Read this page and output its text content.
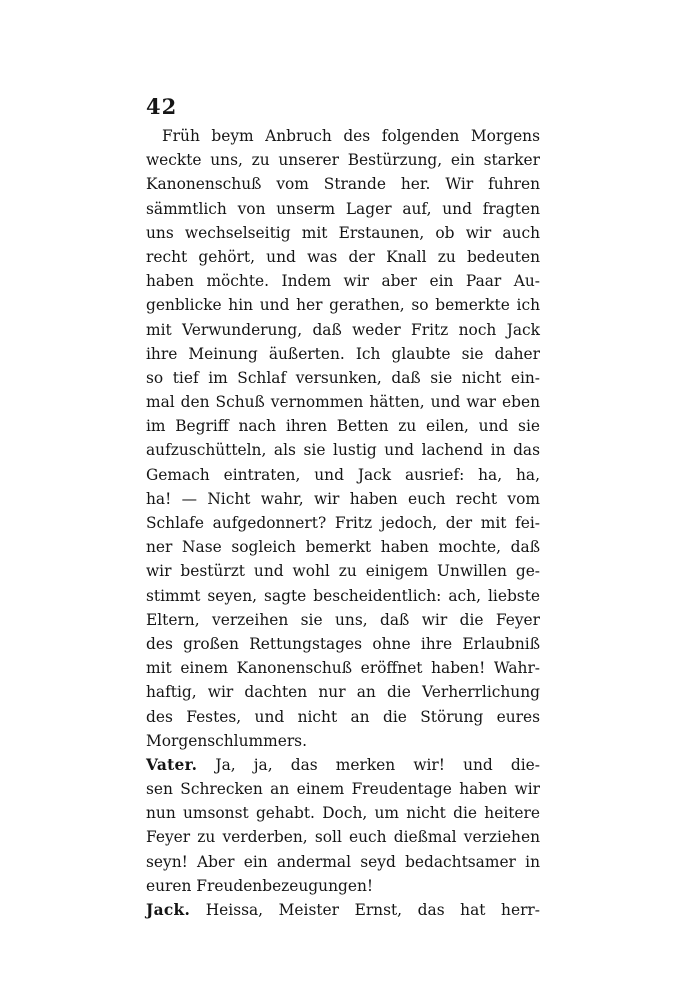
42
Früh beym Anbruch des folgenden Morgens
weckte uns, zu unserer Bestürzung, ein starker
Kanonenschuß vom Strande her. Wir fuhren
sämmtlich von unserm Lager auf, und fragten
uns wechselseitig mit Erstaunen, ob wir auch
recht gehört, und was der Knall zu bedeuten
haben möchte. Indem wir aber ein Paar Au-
genblicke hin und her gerathen, so bemerkte ich
mit Verwunderung, daß weder Fritz noch Jack
ihre Meinung äußerten. Ich glaubte sie daher
so tief im Schlaf versunken, daß sie nicht ein-
mal den Schuß vernommen hätten, und war eben
im Begriff nach ihren Betten zu eilen, und sie
aufzuschütteln, als sie lustig und lachend in das
Gemach eintraten, und Jack ausrief: ha, ha,
ha! — Nicht wahr, wir haben euch recht vom
Schlafe aufgedonnert? Fritz jedoch, der mit fei-
ner Nase sogleich bemerkt haben mochte, daß
wir bestürzt und wohl zu einigem Unwillen ge-
stimmt seyen, sagte bescheidentlich: ach, liebste
Eltern, verzeihen sie uns, daß wir die Feyer
des großen Rettungstages ohne ihre Erlaubniß
mit einem Kanonenschuß eröffnet haben! Wahr-
haftig, wir dachten nur an die Verherrlichung
des Festes, und nicht an die Störung eures
Morgenschlummers.
Vater. Ja, ja, das merken wir! und die-
sen Schrecken an einem Freudentage haben wir
nun umsonst gehabt. Doch, um nicht die heitere
Feyer zu verderben, soll euch dießmal verziehen
seyn! Aber ein andermal seyd bedachtsamer in
euren Freudenbezeugungen!
Jack. Heissa, Meister Ernst, das hat herr-
